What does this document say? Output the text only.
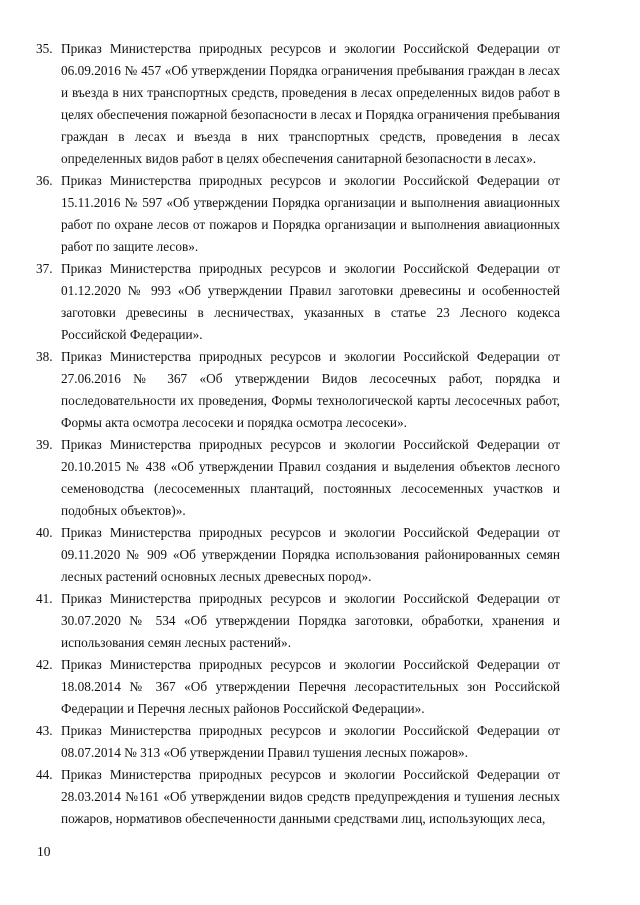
35. Приказ Министерства природных ресурсов и экологии Российской Федерации от 06.09.2016 № 457 «Об утверждении Порядка ограничения пребывания граждан в лесах и въезда в них транспортных средств, проведения в лесах определенных видов работ в целях обеспечения пожарной безопасности в лесах и Порядка ограничения пребывания граждан в лесах и въезда в них транспортных средств, проведения в лесах определенных видов работ в целях обеспечения санитарной безопасности в лесах».
36. Приказ Министерства природных ресурсов и экологии Российской Федерации от 15.11.2016 № 597 «Об утверждении Порядка организации и выполнения авиационных работ по охране лесов от пожаров и Порядка организации и выполнения авиационных работ по защите лесов».
37. Приказ Министерства природных ресурсов и экологии Российской Федерации от 01.12.2020 № 993 «Об утверждении Правил заготовки древесины и особенностей заготовки древесины в лесничествах, указанных в статье 23 Лесного кодекса Российской Федерации».
38. Приказ Министерства природных ресурсов и экологии Российской Федерации от 27.06.2016 № 367 «Об утверждении Видов лесосечных работ, порядка и последовательности их проведения, Формы технологической карты лесосечных работ, Формы акта осмотра лесосеки и порядка осмотра лесосеки».
39. Приказ Министерства природных ресурсов и экологии Российской Федерации от 20.10.2015 № 438 «Об утверждении Правил создания и выделения объектов лесного семеноводства (лесосеменных плантаций, постоянных лесосеменных участков и подобных объектов)».
40. Приказ Министерства природных ресурсов и экологии Российской Федерации от 09.11.2020 № 909 «Об утверждении Порядка использования районированных семян лесных растений основных лесных древесных пород».
41. Приказ Министерства природных ресурсов и экологии Российской Федерации от 30.07.2020 № 534 «Об утверждении Порядка заготовки, обработки, хранения и использования семян лесных растений».
42. Приказ Министерства природных ресурсов и экологии Российской Федерации от 18.08.2014 № 367 «Об утверждении Перечня лесорастительных зон Российской Федерации и Перечня лесных районов Российской Федерации».
43. Приказ Министерства природных ресурсов и экологии Российской Федерации от 08.07.2014 № 313 «Об утверждении Правил тушения лесных пожаров».
44. Приказ Министерства природных ресурсов и экологии Российской Федерации от 28.03.2014 №161 «Об утверждении видов средств предупреждения и тушения лесных пожаров, нормативов обеспеченности данными средствами лиц, использующих леса,
10
